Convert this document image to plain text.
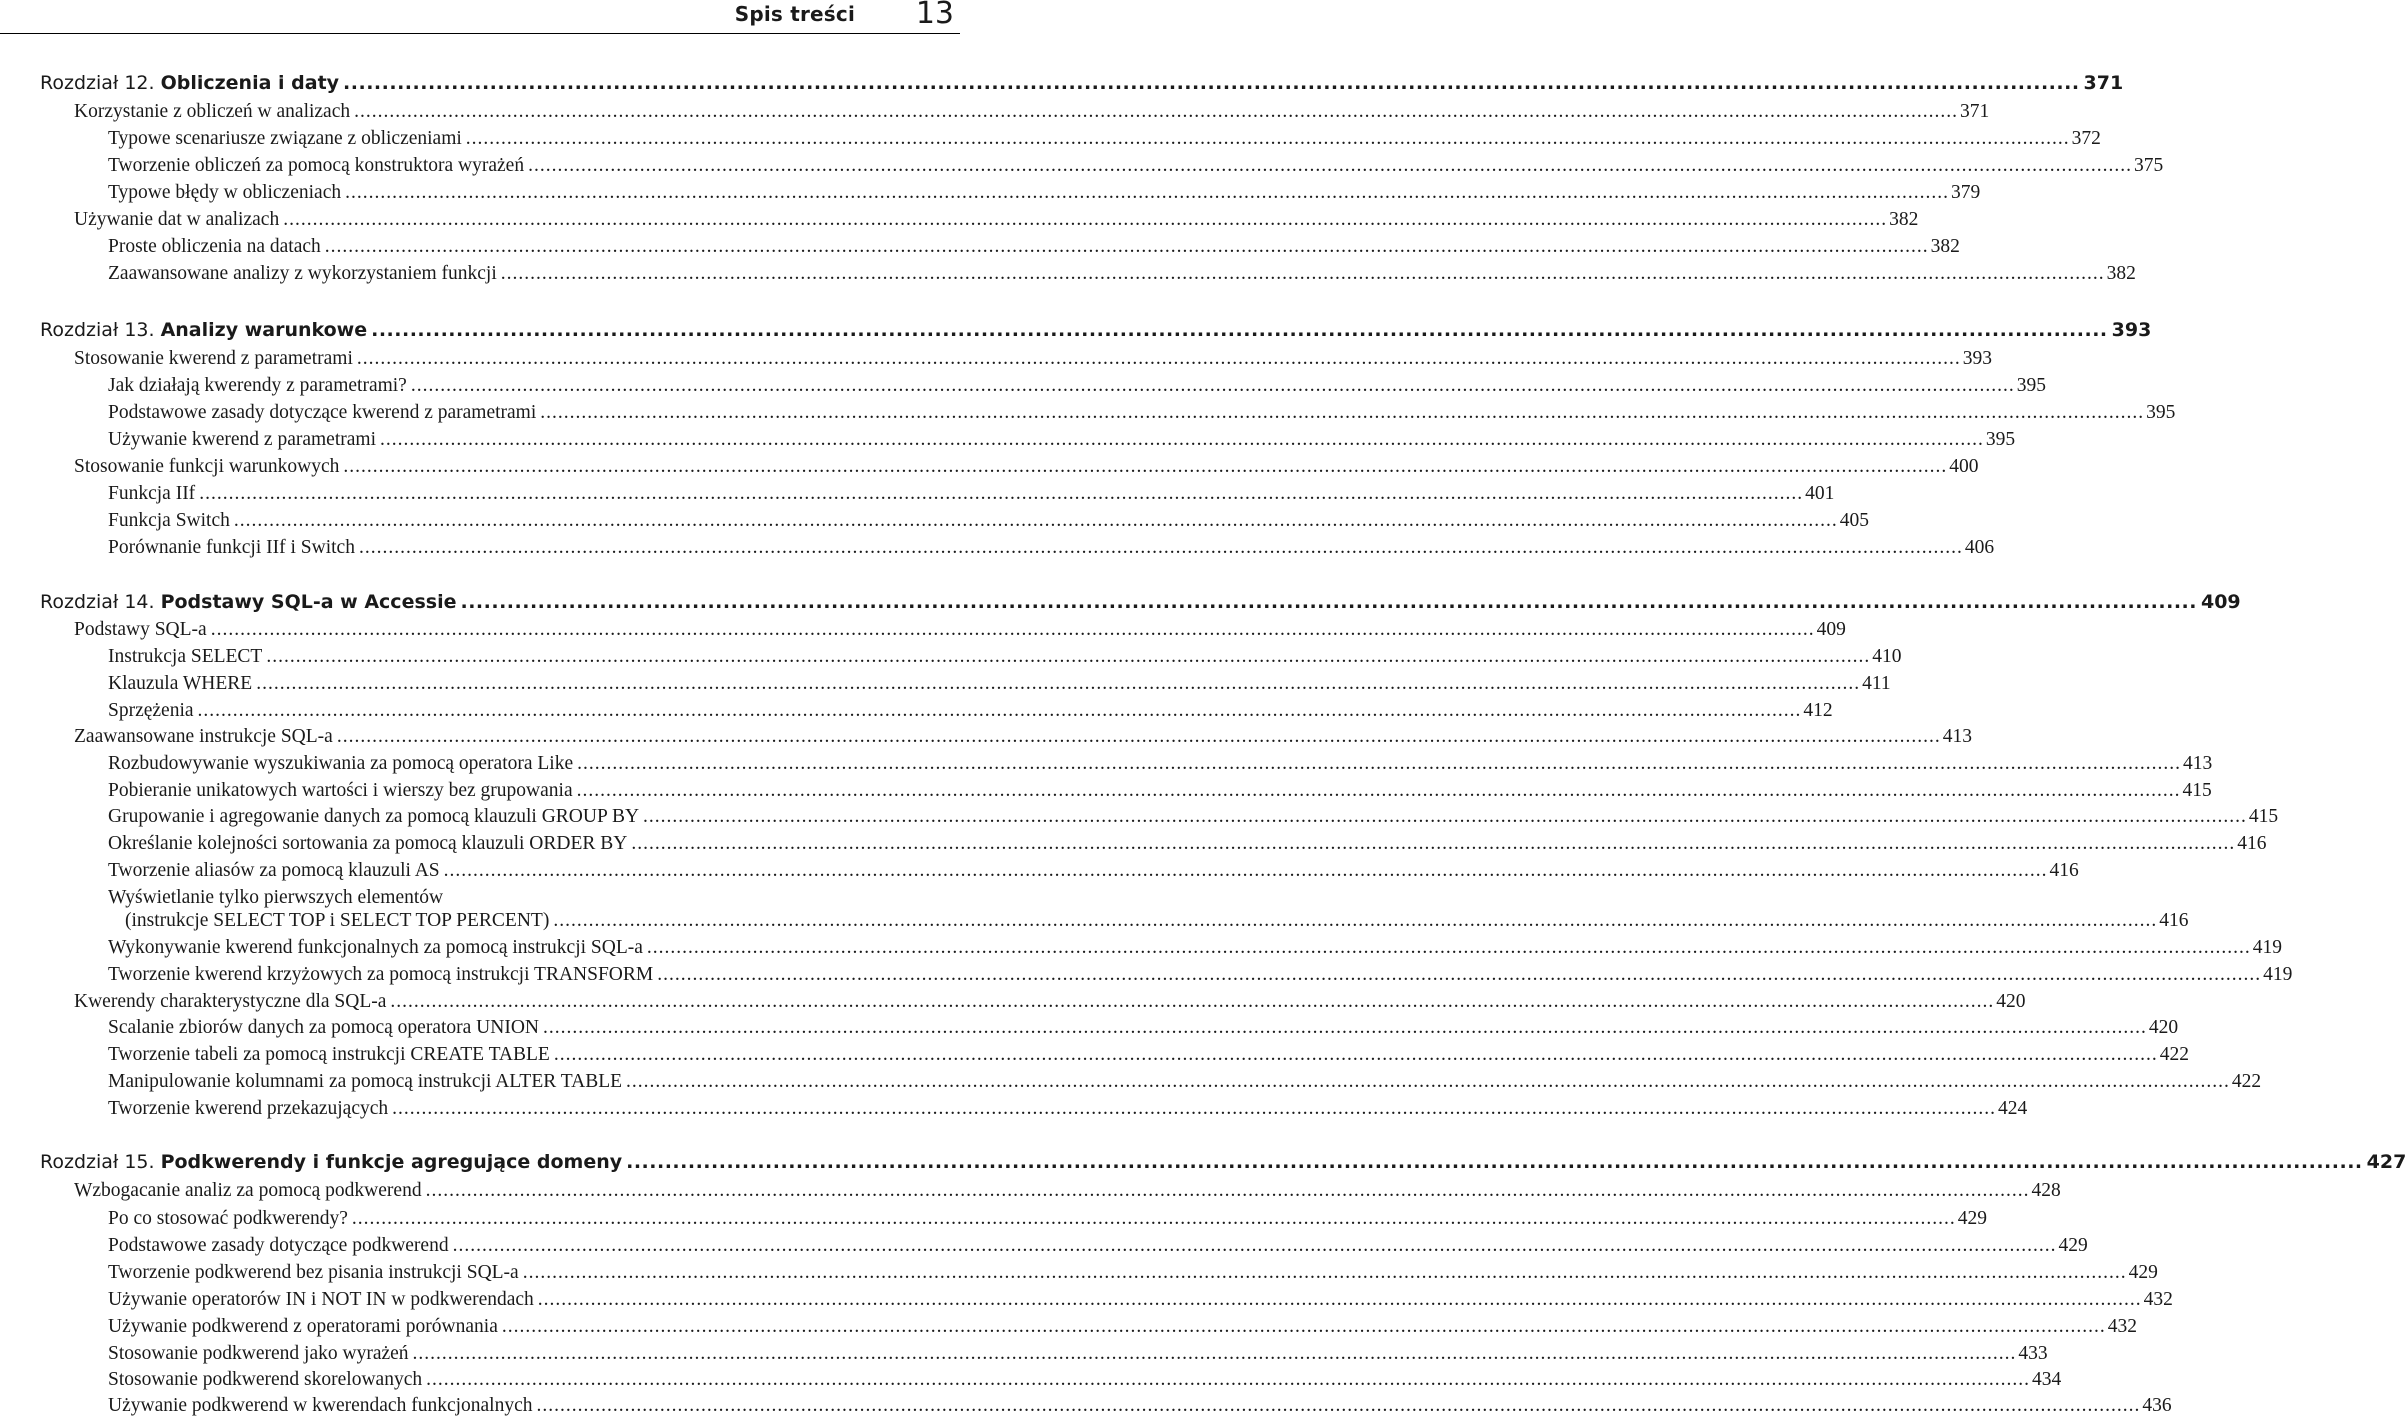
Spis treści 13
Rozdział 12. Obliczenia i daty .....	371
Korzystanie z obliczeń w analizach .....	371
Typowe scenariusze związane z obliczeniami .....	372
Tworzenie obliczeń za pomocą konstruktora wyrażeń .....	375
Typowe błędy w obliczeniach .....	379
Używanie dat w analizach .....	382
Proste obliczenia na datach .....	382
Zaawansowane analizy z wykorzystaniem funkcji .....	382
Rozdział 13. Analizy warunkowe .....	393
Stosowanie kwerend z parametrami .....	393
Jak działają kwerendy z parametrami? .....	395
Podstawowe zasady dotyczące kwerend z parametrami .....	395
Używanie kwerend z parametrami .....	395
Stosowanie funkcji warunkowych .....	400
Funkcja IIf .....	401
Funkcja Switch .....	405
Porównanie funkcji IIf i Switch .....	406
Rozdział 14. Podstawy SQL-a w Accessie .....	409
Podstawy SQL-a .....	409
Instrukcja SELECT .....	410
Klauzula WHERE .....	411
Sprzężenia .....	412
Zaawansowane instrukcje SQL-a .....	413
Rozbudowywanie wyszukiwania za pomocą operatora Like .....	413
Pobieranie unikatowych wartości i wierszy bez grupowania .....	415
Grupowanie i agregowanie danych za pomocą klauzuli GROUP BY .....	415
Określanie kolejności sortowania za pomocą klauzuli ORDER BY .....	416
Tworzenie aliasów za pomocą klauzuli AS .....	416
Wyświetlanie tylko pierwszych elementów
(instrukcje SELECT TOP i SELECT TOP PERCENT) .....	416
Wykonywanie kwerend funkcjonalnych za pomocą instrukcji SQL-a .....	419
Tworzenie kwerend krzyżowych za pomocą instrukcji TRANSFORM .....	419
Kwerendy charakterystyczne dla SQL-a .....	420
Scalanie zbiorów danych za pomocą operatora UNION .....	420
Tworzenie tabeli za pomocą instrukcji CREATE TABLE .....	422
Manipulowanie kolumnami za pomocą instrukcji ALTER TABLE .....	422
Tworzenie kwerend przekazujących .....	424
Rozdział 15. Podkwerendy i funkcje agregujące domeny .....	427
Wzbogacanie analiz za pomocą podkwerend .....	428
Po co stosować podkwerendy? .....	429
Podstawowe zasady dotyczące podkwerend .....	429
Tworzenie podkwerend bez pisania instrukcji SQL-a .....	429
Używanie operatorów IN i NOT IN w podkwerendach .....	432
Używanie podkwerend z operatorami porównania .....	432
Stosowanie podkwerend jako wyrażeń .....	433
Stosowanie podkwerend skorelowanych .....	434
Używanie podkwerend w kwerendach funkcjonalnych .....	436
